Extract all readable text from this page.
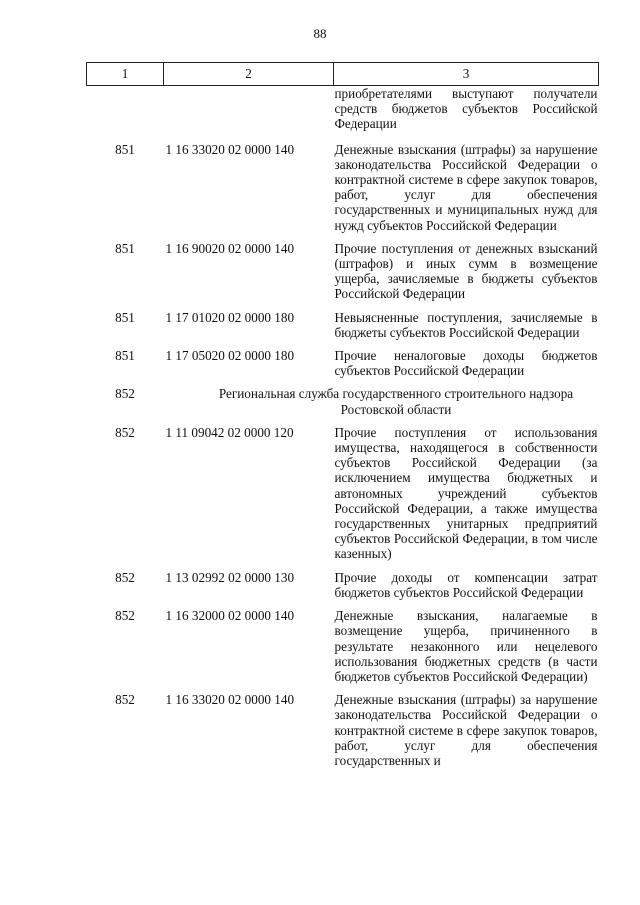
88
1	2	3
		приобретателями выступают получатели средств бюджетов субъектов Российской Федерации
851	1 16 33020 02 0000 140	Денежные взыскания (штрафы) за нарушение законодательства Российской Федерации о контрактной системе в сфере закупок товаров, работ, услуг для обеспечения государственных и муниципальных нужд для нужд субъектов Российской Федерации
851	1 16 90020 02 0000 140	Прочие поступления от денежных взысканий (штрафов) и иных сумм в возмещение ущерба, зачисляемые в бюджеты субъектов Российской Федерации
851	1 17 01020 02 0000 180	Невыясненные поступления, зачисляемые в бюджеты субъектов Российской Федерации
851	1 17 05020 02 0000 180	Прочие неналоговые доходы бюджетов субъектов Российской Федерации
852	Региональная служба государственного строительного надзора Ростовской области	
852	1 11 09042 02 0000 120	Прочие поступления от использования имущества, находящегося в собственности субъектов Российской Федерации (за исключением имущества бюджетных и автономных учреждений субъектов Российской Федерации, а также имущества государственных унитарных предприятий субъектов Российской Федерации, в том числе казенных)
852	1 13 02992 02 0000 130	Прочие доходы от компенсации затрат бюджетов субъектов Российской Федерации
852	1 16 32000 02 0000 140	Денежные взыскания, налагаемые в возмещение ущерба, причиненного в результате незаконного или нецелевого использования бюджетных средств (в части бюджетов субъектов Российской Федерации)
852	1 16 33020 02 0000 140	Денежные взыскания (штрафы) за нарушение законодательства Российской Федерации о контрактной системе в сфере закупок товаров, работ, услуг для обеспечения государственных и
